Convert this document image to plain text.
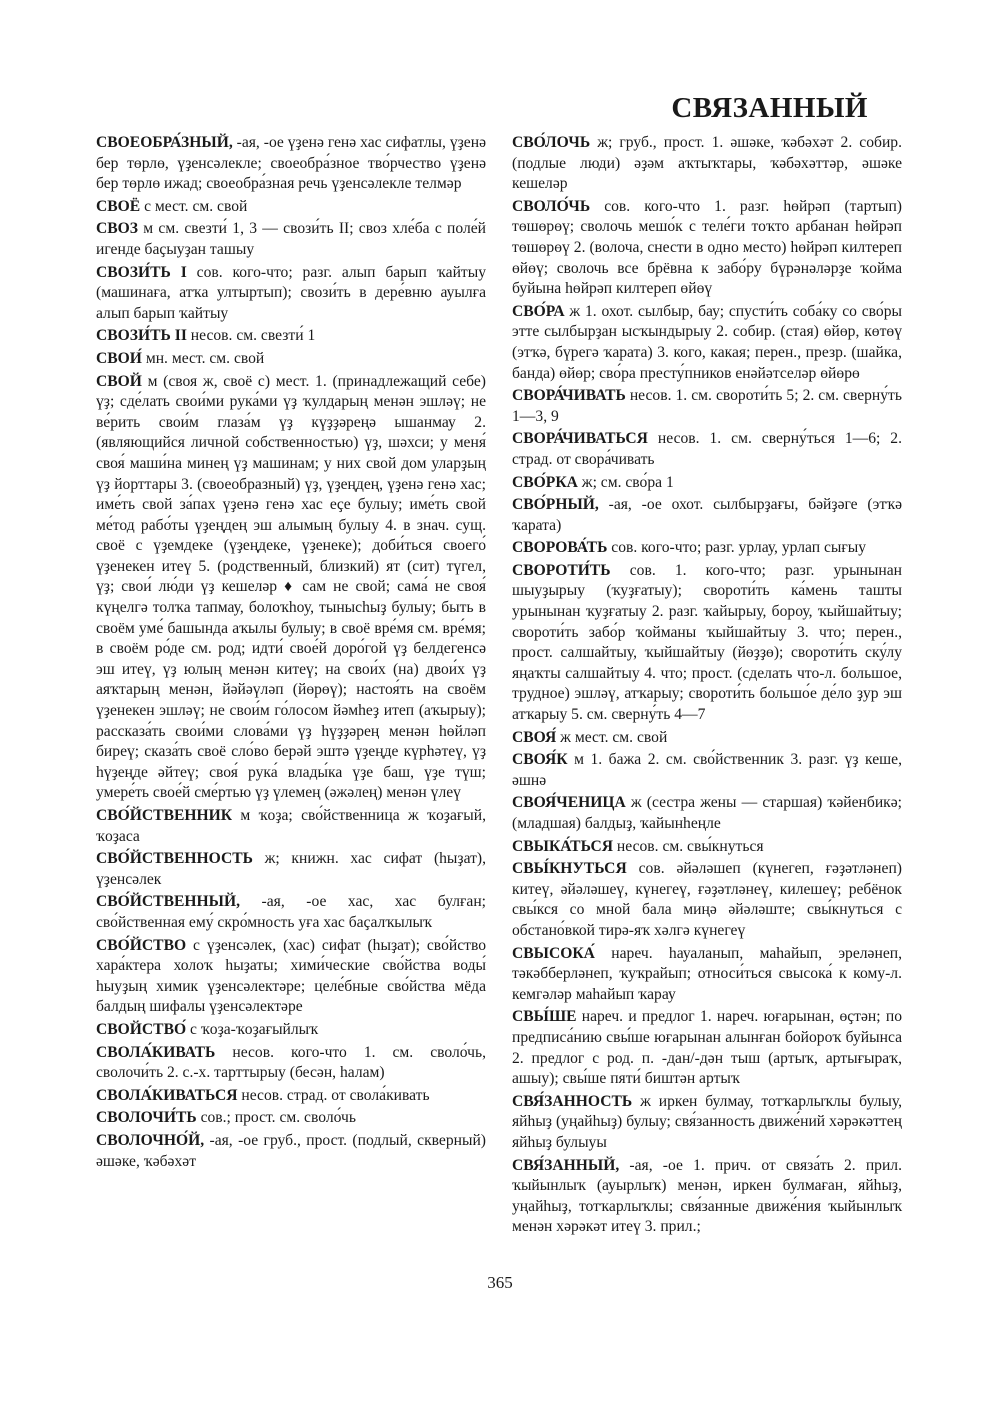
СВЯЗАННЫЙ

СВОЕОБРА́ЗНЫЙ, -ая, -ое үҙенә генә хас сифатлы, үҙенә бер төрлө, үҙенсәлекле; своеобра́зное тво́рчество үҙенә бер төрлө ижад; своеобра́зная речь үҙенсәлекле телмәр

СВОЁ с мест. см. свой

СВОЗ м см. свезти́ 1, 3 — свози́ть II; своз хле́ба с поле́й игенде баҫыуҙан ташыу

СВОЗИ́ТЬ I сов. кого-что; разг. алып барып ҡайтыу (машинаға, атҡа ултыртып); свози́ть в дере́вню ауылға алып барып ҡайтыу

СВОЗИ́ТЬ II несов. см. свезти́ 1

СВОИ́ мн. мест. см. свой

СВОЙ м (своя ж, своё с) мест. 1. (принадлежащий себе) үҙ; сде́лать свои́ми рука́ми үҙ ҡулдарың менән эшләү; не ве́рить свои́м глаза́м үҙ күҙҙәреңә ышанмау 2. (являющийся личной собственностью) үҙ, шәхси; у меня́ своя́ маши́на минең үҙ машинам; у них свой дом уларҙың үҙ йорттары 3. (своеобразный) үҙ, үҙеңдең, үҙенә генә хас; име́ть свой за́пах үҙенә генә хас еҫе булыу; име́ть свой ме́тод рабо́ты үҙеңдең эш алымың булыу 4. в знач. сущ. своё с үҙемдеке (үҙеңдеке, үҙенеке); доби́ться своего́ үҙенекен итеү 5. (родственный, близкий) ят (сит) түгел, үҙ; свои́ лю́ди үҙ кешеләр ♦ сам не свой; сама́ не своя́ күңелгә толҡа тапмау, болоҡһоу, тынысһыҙ булыу; быть в своём уме́ башында аҡылы булыу; в своё вре́мя см. вре́мя; в своём ро́де см. род; идти́ свое́й доро́гой үҙ белдегенсә эш итеү, үҙ юлың менән китеү; на свои́х (на) двои́х үҙ аяҡтарың менән, йәйәүләп (йөрөү); настоя́ть на своём үҙенекен эшләү; не свои́м го́лосом йәмһеҙ итеп (аҡырыу); рассказа́ть свои́ми слова́ми үҙ һүҙҙәрең менән һөйләп биреү; сказа́ть своё сло́во берәй эштә үҙеңде күрһәтеү, үҙ һүҙеңде әйтеү; своя́ рука́ влады́ка үҙе баш, үҙе түш; умере́ть свое́й сме́ртью үҙ үлемең (әжәлең) менән үлеү

СВО́ЙСТВЕННИК м ҡоҙа; сво́йственница ж ҡоҙағый, ҡоҙаса

СВО́ЙСТВЕННОСТЬ ж; книжн. хас сифат (һыҙат), үҙенсәлек

СВО́ЙСТВЕННЫЙ, -ая, -ое хас, хас булған; сво́йственная ему́ скро́мность уға хас баҫалҡылыҡ

СВО́ЙСТВО с үҙенсәлек, (хас) сифат (һыҙат); сво́йство хара́ктера холоҡ һыҙаты; хими́ческие сво́йства воды́ һыуҙың химик үҙенсәлектәре; целе́бные сво́йства мёда балдың шифалы үҙенсәлектәре

СВОЙСТВО́ с ҡоҙа-ҡоҙағыйлыҡ

СВОЛА́КИВАТЬ несов. кого-что 1. см. своло́чь, сволочи́ть 2. с.-х. тарттырыу (бесән, һалам)

СВОЛА́КИВАТЬСЯ несов. страд. от свола́кивать

СВОЛОЧИ́ТЬ сов.; прост. см. своло́чь

СВОЛОЧНО́Й, -ая, -ое груб., прост. (подлый, скверный) әшәке, ҡәбәхәт

СВО́ЛОЧЬ ж; груб., прост. 1. әшәке, ҡәбәхәт 2. собир. (подлые люди) әҙәм аҡтыҡтары, ҡәбәхәттәр, әшәке кешеләр

СВОЛО́ЧЬ сов. кого-что 1. разг. һөйрәп (тартып) төшөрөү; сволочь мешо́к с теле́ги тоҡто арбанан һөйрәп төшөрөү 2. (волоча, снести в одно место) һөйрәп килтереп өйөү; сволочь все брёвна к забо́ру бүрәнәләрҙе ҡойма буйына һөйрәп килтереп өйөү

СВО́РА ж 1. охот. сылбыр, бау; спусти́ть соба́ку со сво́ры этте сылбырҙан ысҡындырыу 2. собир. (стая) өйөр, көтөү (этҡә, бүрегә ҡарата) 3. кого, какая; перен., презр. (шайка, банда) өйөр; сво́ра престу́пников енәйәтселәр өйөрө

СВОРА́ЧИВАТЬ несов. 1. см. свороти́ть 5; 2. см. сверну́ть 1—3, 9

СВОРА́ЧИВАТЬСЯ несов. 1. см. сверну́ться 1—6; 2. страд. от свора́чивать

СВО́РКА ж; см. сво́ра 1

СВО́РНЫЙ, -ая, -ое охот. сылбырҙағы, бәйҙәге (этҡә ҡарата)

СВОРОВА́ТЬ сов. кого-что; разг. урлау, урлап сығыу

СВОРОТИ́ТЬ сов. 1. кого-что; разг. урынынан шыуҙырыу (ҡуҙғатыу); свороти́ть ка́мень ташты урынынан ҡуҙғатыу 2. разг. ҡайырыу, бороу, ҡыйшайтыу; свороти́ть забо́р ҡойманы ҡыйшайтыу 3. что; перен., прост. салшайтыу, ҡыйшайтыу (йөҙҙө); свороти́ть ску́лу яңаҡты салшайтыу 4. что; прост. (сделать что-л. большое, трудное) эшләү, атҡарыу; свороти́ть большо́е де́ло ҙур эш атҡарыу 5. см. сверну́ть 4—7

СВОЯ́ ж мест. см. свой

СВОЯ́К м 1. бажа 2. см. сво́йственник 3. разг. үҙ кеше, әшнә

СВОЯ́ЧЕНИЦА ж (сестра жены — старшая) ҡәйенбикә; (младшая) балдыҙ, ҡайынһеңле

СВЫКА́ТЬСЯ несов. см. свы́кнуться

СВЫ́КНУТЬСЯ сов. әйәләшеп (күнегеп, ғәҙәтләнеп) китеү, әйәләшеү, күнегеү, ғәҙәтләнеү, килешеү; ребёнок свы́кся со мной бала миңә әйәләште; свы́кнуться с обстано́вкой тирә-яҡ хәлгә күнегеү

СВЫСОКА́ нареч. һауаланып, маһайып, эреләнеп, тәкәбберләнеп, ҡуҡрайып; относи́ться свысока́ к кому-л. кемгәләр маһайып ҡарау

СВЫ́ШЕ нареч. и предлог 1. нареч. юғарынан, өҫтән; по предписа́нию свы́ше юғарынан алынған бойороҡ буйынса 2. предлог с род. п. -дан/-дән тыш (артыҡ, артығыраҡ, ашыу); свы́ше пяти́ биштән артыҡ

СВЯ́ЗАННОСТЬ ж иркен булмау, тотҡарлыҡлы булыу, яйһыҙ (уңайһыҙ) булыу; свя́занность движе́ний хәрәкәттең яйһыҙ булыуы

СВЯ́ЗАННЫЙ, -ая, -ое 1. прич. от связа́ть 2. прил. ҡыйынлыҡ (ауырлыҡ) менән, иркен булмаған, яйһыҙ, уңайһыҙ, тотҡарлыҡлы; свя́занные движе́ния ҡыйынлыҡ менән хәрәкәт итеү 3. прил.;

365
